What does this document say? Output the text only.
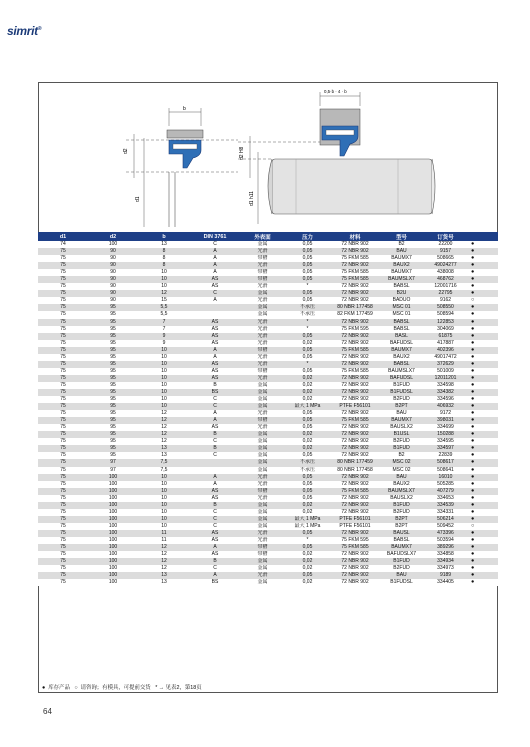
simrit®
b
d2
d1
0,5·b · 4 · b
d2 H8
d1 h11
d1	d2	b	DIN 3761	外表面	压力	材料	型号	订货号	
74	100	13	C	金属	0,05	72 NBR 902	B2	22200	●
75	90	8	A	光滑	0,05	72 NBR 902	BAU	9157	●
75	90	8	A	带槽	0,05	75 FKM 585	BAUMX7	508665	●
75	90	8	A	光滑	0,05	72 NBR 902	BAUX2	49024277	●
75	90	10	A	带槽	0,05	75 FKM 585	BAUMX7	438008	●
75	90	10	AS	带槽	0,05	75 FKM 585	BAUMSLX7	468762	●
75	90	10	AS	光滑	*	72 NBR 902	BABSL	12001716	●
75	90	12	C	金属	0,05	72 NBR 902	B2U	22795	●
75	90	15	A	光滑	0,05	72 NBR 902	BADUO	9162	○
75	95	5,5		金属	不承压	80 NBR 177458	MSC 01	508550	●
75	95	5,5		金属	不承压	82 FKM 177459	MSC 01	508594	●
75	95	7	AS	光滑	*	72 NBR 902	BABSL	122853	●
75	95	7	AS	光滑	*	75 FKM 595	BABSL	304069	●
75	95	9	AS	光滑	0,05	72 NBR 902	BASL	61875	●
75	95	9	AS	光滑	0,02	72 NBR 902	BAFUDSL	417887	●
75	95	10	A	带槽	0,05	75 FKM 585	BAUMX7	402396	●
75	95	10	A	光滑	0,05	72 NBR 902	BAUX2	49017472	●
75	95	10	AS	光滑	*	72 NBR 902	BABSL	372629	●
75	95	10	AS	带槽	0,05	75 FKM 585	BAUMSLX7	501009	●
75	95	10	AS	光滑	0,02	72 NBR 902	BAFUDSL	12011201	●
75	95	10	B	金属	0,02	72 NBR 902	B1FUD	334598	●
75	95	10	BS	金属	0,02	72 NBR 902	B1FUDSL	334382	●
75	95	10	C	金属	0,02	72 NBR 902	B2FUD	334596	●
75	95	10	C	金属	最大 1 MPa	PTFE F56101	B2PT	406932	●
75	95	12	A	光滑	0,05	72 NBR 902	BAU	9172	●
75	95	12	A	带槽	0,05	75 FKM 585	BAUMX7	398031	●
75	95	12	AS	光滑	0,05	72 NBR 902	BAUSLX2	334699	●
75	95	12	B	金属	0,02	72 NBR 902	B1USL	150288	●
75	95	12	C	金属	0,02	72 NBR 902	B2FUD	334595	●
75	95	13	B	金属	0,02	72 NBR 902	B1FUD	334597	●
75	95	13	C	金属	0,05	72 NBR 902	B2	22839	●
75	97	7,5		金属	不承压	80 NBR 177459	MSC 02	508617	●
75	97	7,5		金属	不承压	80 NBR 177458	MSC 02	508641	●
75	100	10	A	光滑	0,05	72 NBR 902	BAU	16010	●
75	100	10	A	光滑	0,05	72 NBR 902	BAUX2	505285	●
75	100	10	AS	带槽	0,05	75 FKM 585	BAUMSLX7	407279	●
75	100	10	AS	光滑	0,05	72 NBR 902	BAUSLX2	334653	●
75	100	10	B	金属	0,02	72 NBR 902	B1FUD	334539	●
75	100	10	C	金属	0,02	72 NBR 902	B2FUD	334331	●
75	100	10	C	金属	最大 1 MPa	PTFE F56101	B2PT	506214	●
75	100	10	C	金属	最大 1 MPa	PTFE F56101	B2PT	509452	○
75	100	11	AS	光滑	0,05	72 NBR 902	BAUSL	473396	●
75	100	11	AS	光滑	*	75 FKM 595	BABSL	503594	●
75	100	12	A	带槽	0,05	75 FKM 585	BAUMX7	389296	●
75	100	12	AS	带槽	0,02	72 NBR 902	BAFUDSLX7	334858	●
75	100	12	B	金属	0,02	72 NBR 902	B1FUD	334934	●
75	100	12	C	金属	0,02	72 NBR 902	B2FUD	334973	●
75	100	13	A	光滑	0,05	72 NBR 902	BAU	9189	●
75	100	13	BS	金属	0,02	72 NBR 902	B1FUDSL	334405	●
● 库存产品 ○ 请咨询；有模具，可提前交货 * → 见表2，第18页
64
